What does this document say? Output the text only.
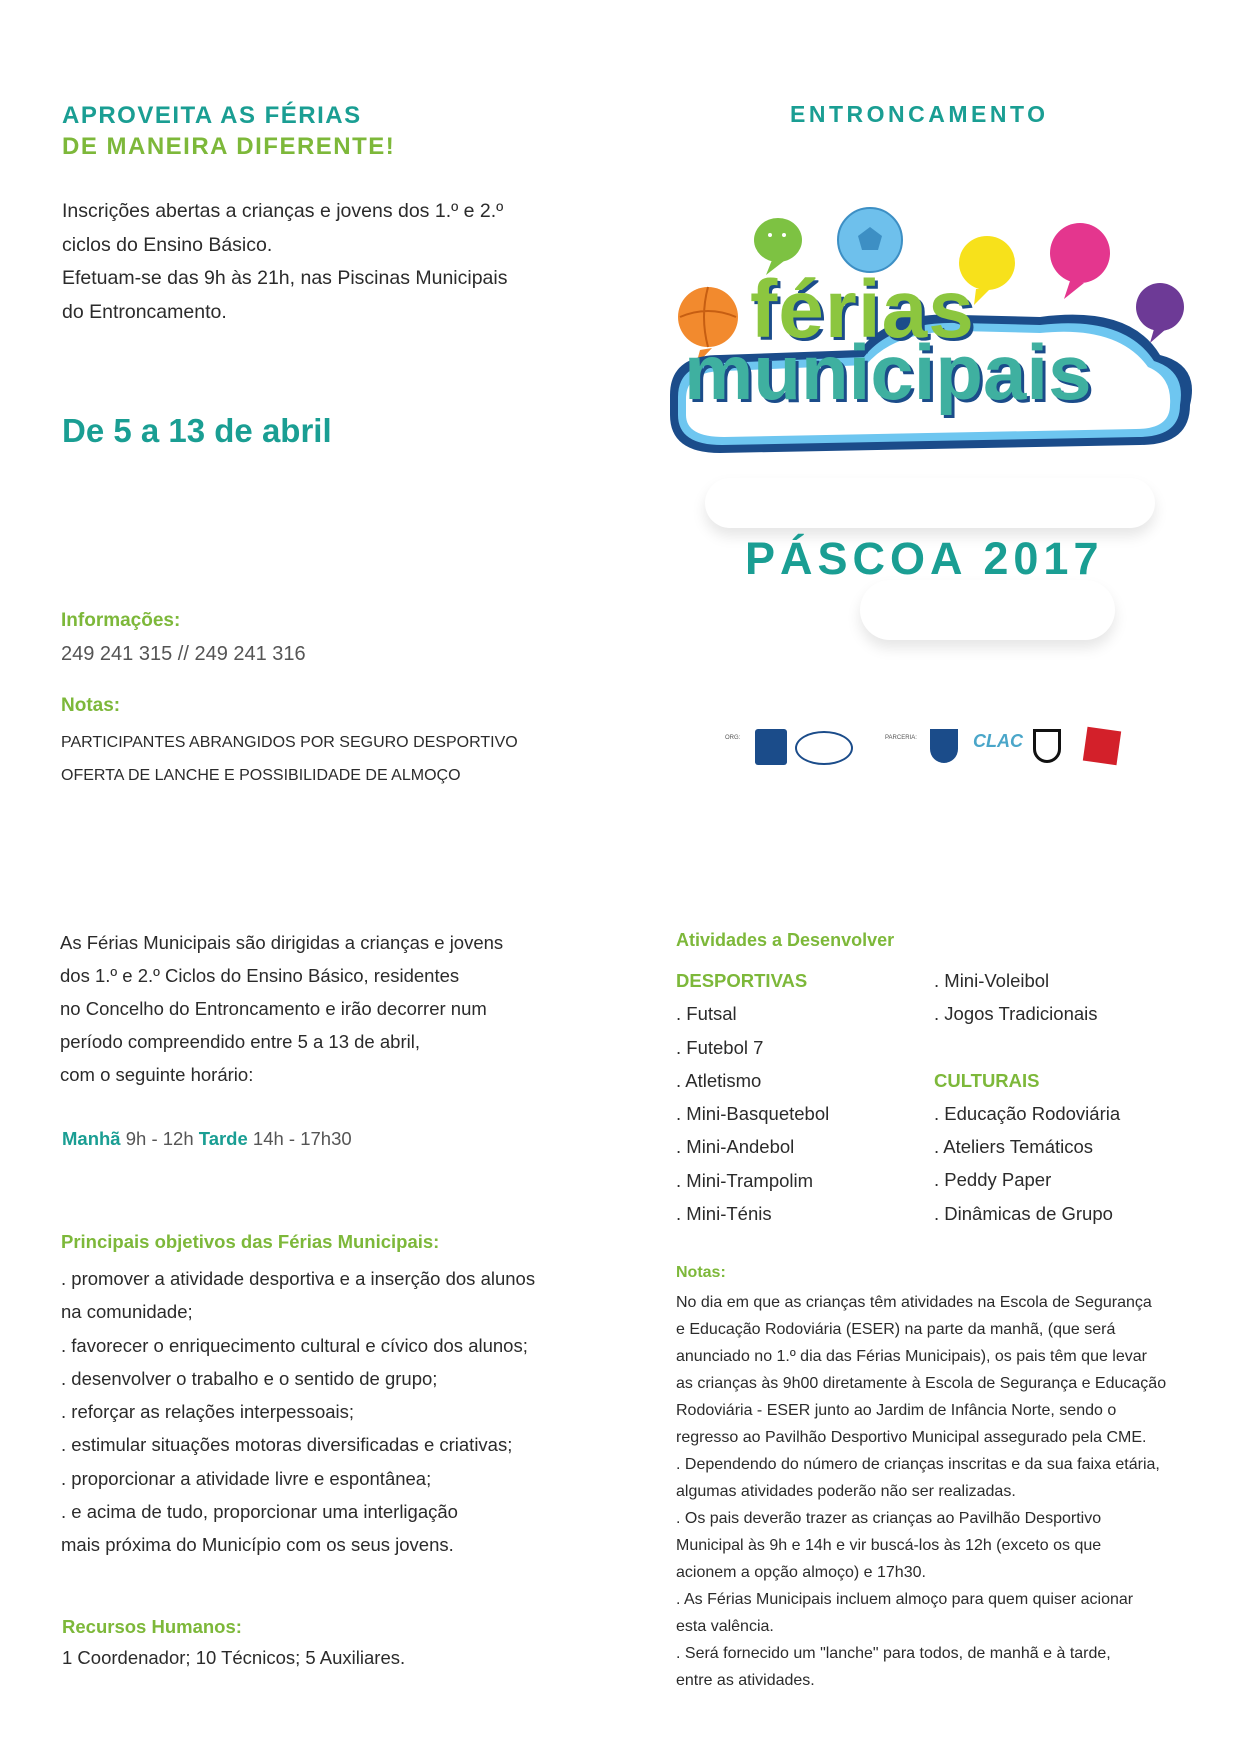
APROVEITA AS FÉRIAS
DE MANEIRA DIFERENTE!
Inscrições abertas a crianças e jovens dos 1.º e 2.º
ciclos do Ensino Básico.
Efetuam-se das 9h às 21h, nas Piscinas Municipais
do Entroncamento.
De 5 a 13 de abril
Informações:
249 241 315 // 249 241 316
Notas:
PARTICIPANTES ABRANGIDOS POR SEGURO DESPORTIVO
OFERTA DE LANCHE E POSSIBILIDADE DE ALMOÇO
ENTRONCAMENTO
férias
municipais
PÁSCOA 2017
ORG:	PARCERIA:	CLAC
As Férias Municipais são dirigidas a crianças e jovens
dos 1.º e 2.º Ciclos do Ensino Básico, residentes
no Concelho do Entroncamento e irão decorrer num
período compreendido entre 5 a 13 de abril,
com o seguinte horário:
Manhã 9h - 12h Tarde 14h - 17h30
Principais objetivos das Férias Municipais:
. promover a atividade desportiva e a inserção dos alunos
na comunidade;
. favorecer o enriquecimento cultural e cívico dos alunos;
. desenvolver o trabalho e o sentido de grupo;
. reforçar as relações interpessoais;
. estimular situações motoras diversificadas e criativas;
. proporcionar a atividade livre e espontânea;
. e acima de tudo, proporcionar uma interligação
mais próxima do Município com os seus jovens.
Recursos Humanos:
1 Coordenador; 10 Técnicos; 5 Auxiliares.
Atividades a Desenvolver
DESPORTIVAS
. Futsal
. Futebol 7
. Atletismo
. Mini-Basquetebol
. Mini-Andebol
. Mini-Trampolim
. Mini-Ténis
. Mini-Voleibol
. Jogos Tradicionais
CULTURAIS
. Educação Rodoviária
. Ateliers Temáticos
. Peddy Paper
. Dinâmicas de Grupo
Notas:
No dia em que as crianças têm atividades na Escola de Segurança
e Educação Rodoviária (ESER) na parte da manhã, (que será
anunciado no 1.º dia das Férias Municipais), os pais têm que levar
as crianças às 9h00 diretamente à Escola de Segurança e Educação
Rodoviária - ESER junto ao Jardim de Infância Norte, sendo o
regresso ao Pavilhão Desportivo Municipal assegurado pela CME.
. Dependendo do número de crianças inscritas e da sua faixa etária,
algumas atividades poderão não ser realizadas.
. Os pais deverão trazer as crianças ao Pavilhão Desportivo
Municipal às 9h e 14h e vir buscá-los às 12h (exceto os que
acionem a opção almoço) e 17h30.
. As Férias Municipais incluem almoço para quem quiser acionar
esta valência.
. Será fornecido um "lanche" para todos, de manhã e à tarde,
entre as atividades.
